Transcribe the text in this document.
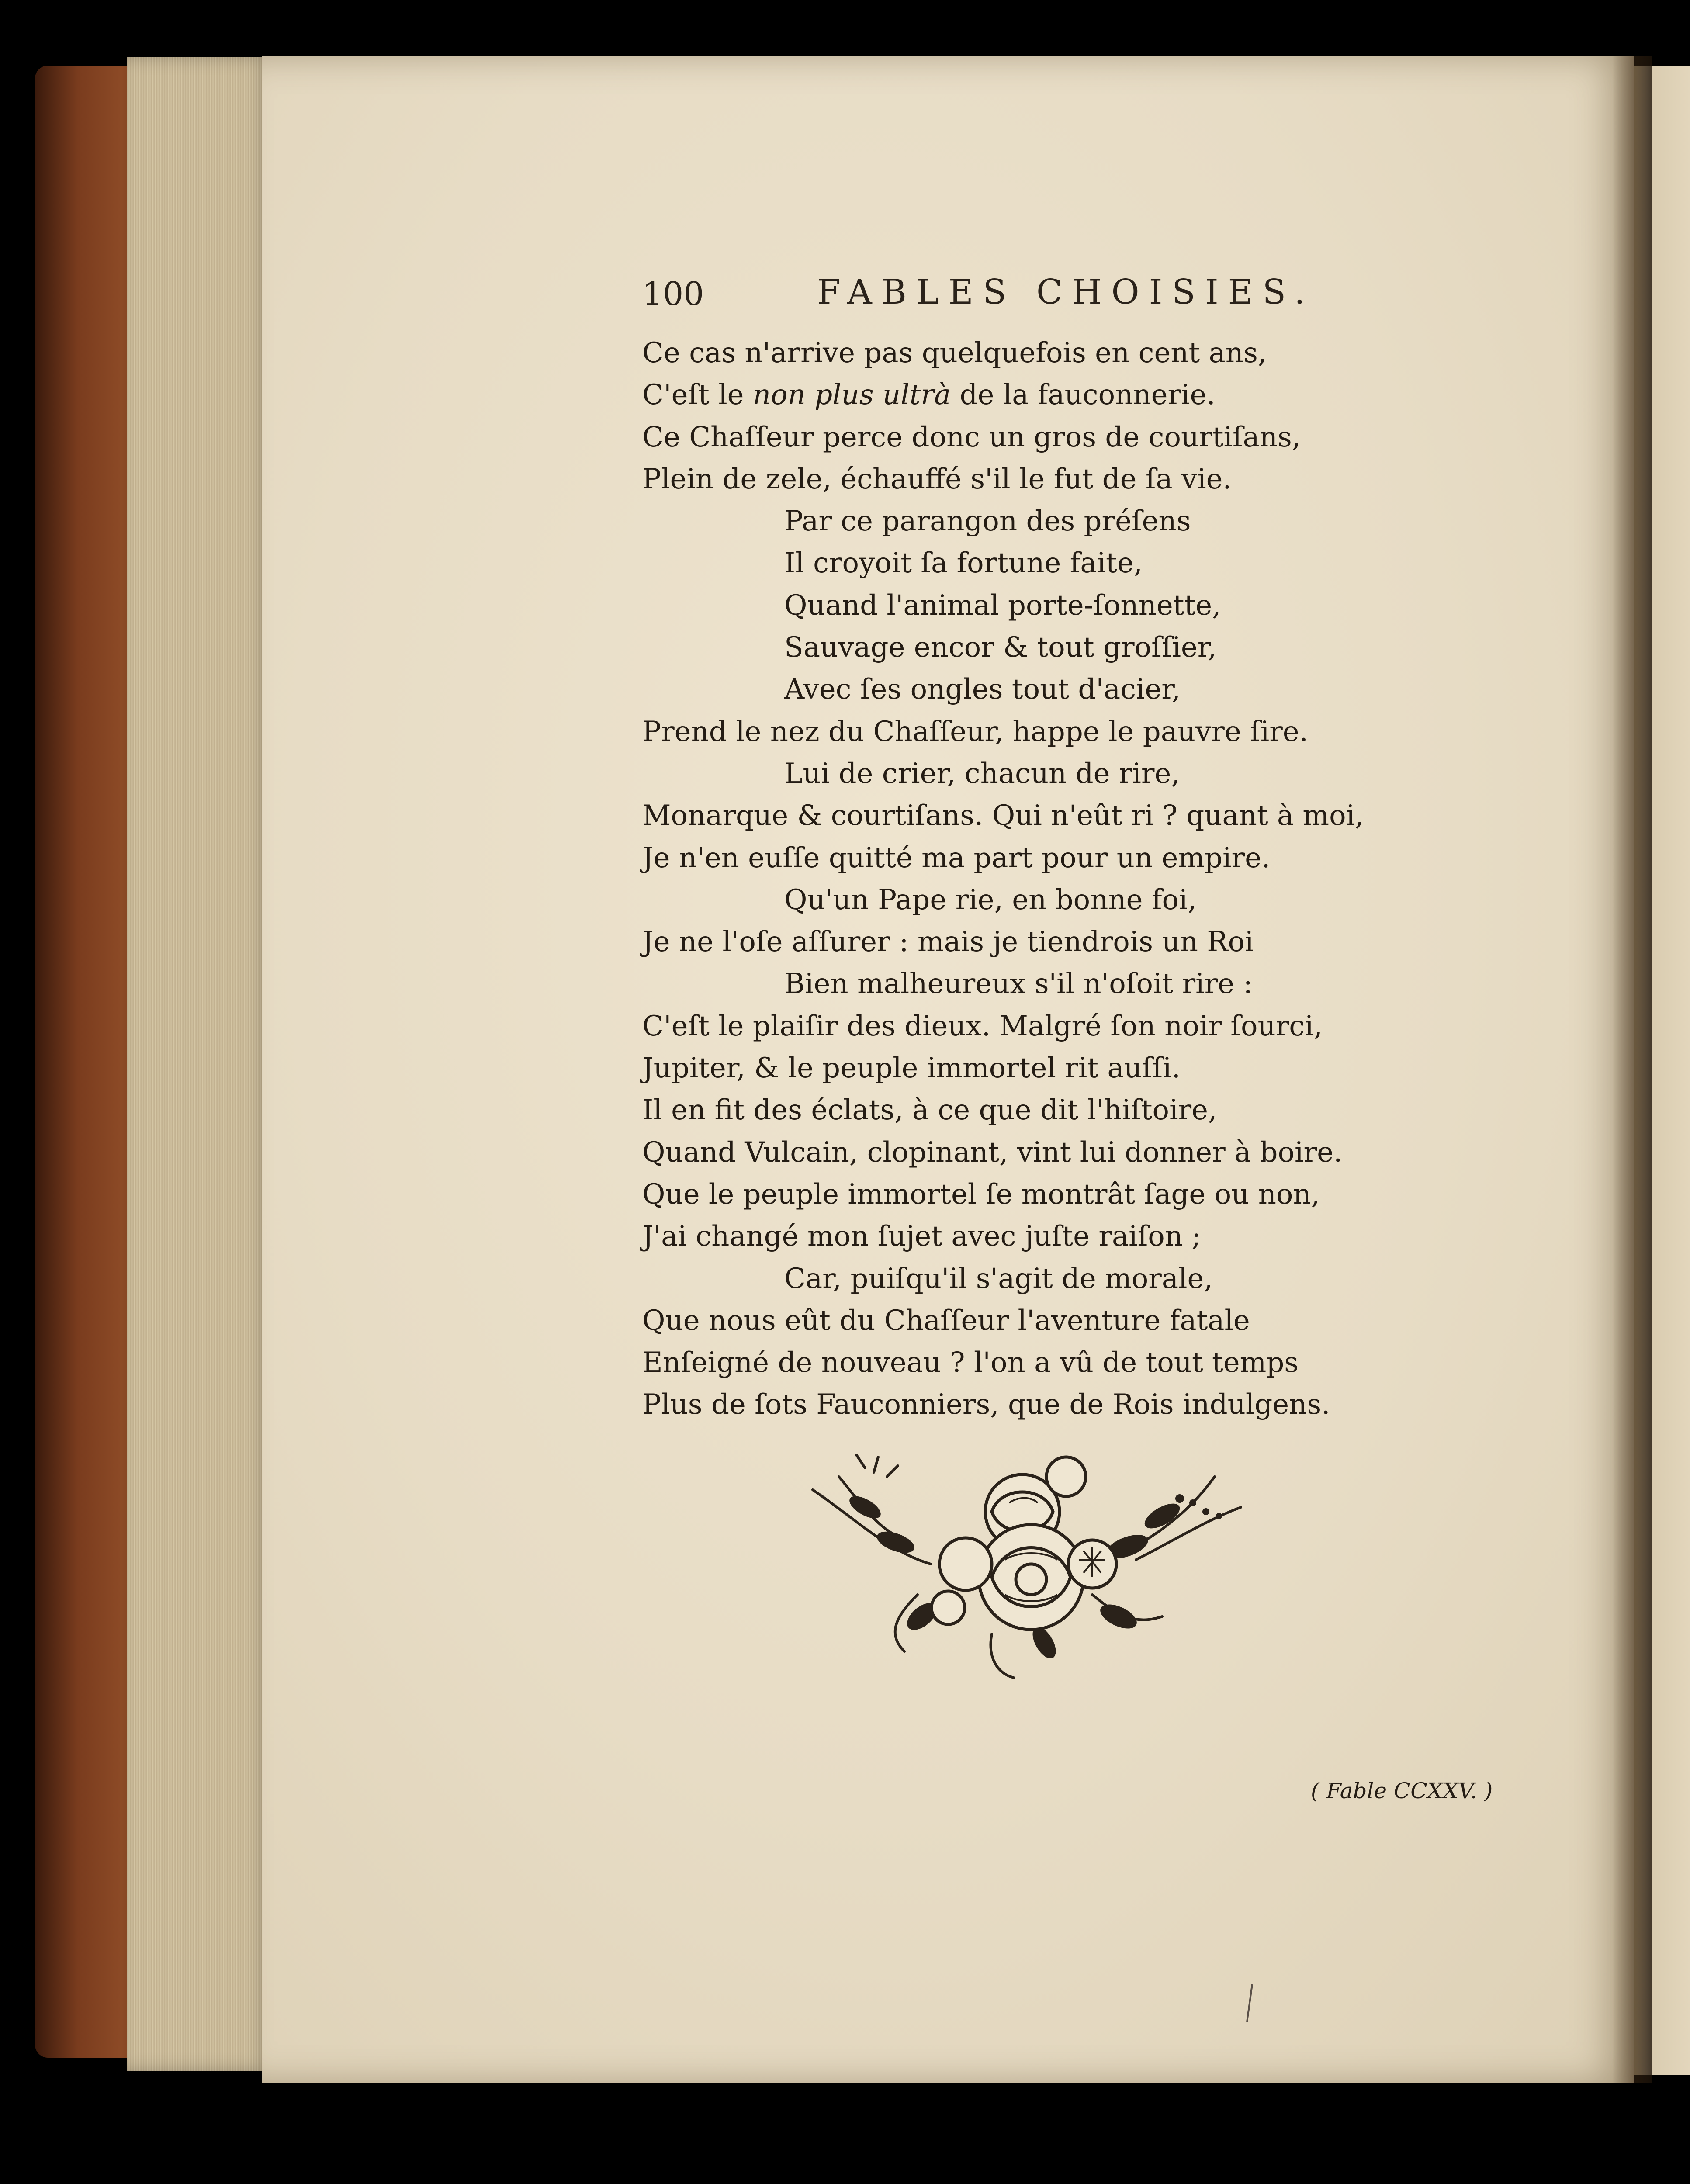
100	FABLES CHOISIES.
Ce cas n'arrive pas quelquefois en cent ans,
C'eſt le non plus ultrà de la fauconnerie.
Ce Chaſſeur perce donc un gros de courtiſans,
Plein de zele, échauffé s'il le fut de ſa vie.
Par ce parangon des préſens
Il croyoit ſa fortune faite,
Quand l'animal porte-ſonnette,
Sauvage encor & tout groſſier,
Avec ſes ongles tout d'acier,
Prend le nez du Chaſſeur, happe le pauvre ſire.
Lui de crier, chacun de rire,
Monarque & courtiſans. Qui n'eût ri ? quant à moi,
Je n'en euſſe quitté ma part pour un empire.
Qu'un Pape rie, en bonne foi,
Je ne l'oſe aſſurer : mais je tiendrois un Roi
Bien malheureux s'il n'oſoit rire :
C'eſt le plaiſir des dieux. Malgré ſon noir ſourci,
Jupiter, & le peuple immortel rit auſſi.
Il en fit des éclats, à ce que dit l'hiſtoire,
Quand Vulcain, clopinant, vint lui donner à boire.
Que le peuple immortel ſe montrât ſage ou non,
J'ai changé mon ſujet avec juſte raiſon ;
Car, puiſqu'il s'agit de morale,
Que nous eût du Chaſſeur l'aventure fatale
Enſeigné de nouveau ? l'on a vû de tout temps
Plus de ſots Fauconniers, que de Rois indulgens.
( Fable CCXXV. )
